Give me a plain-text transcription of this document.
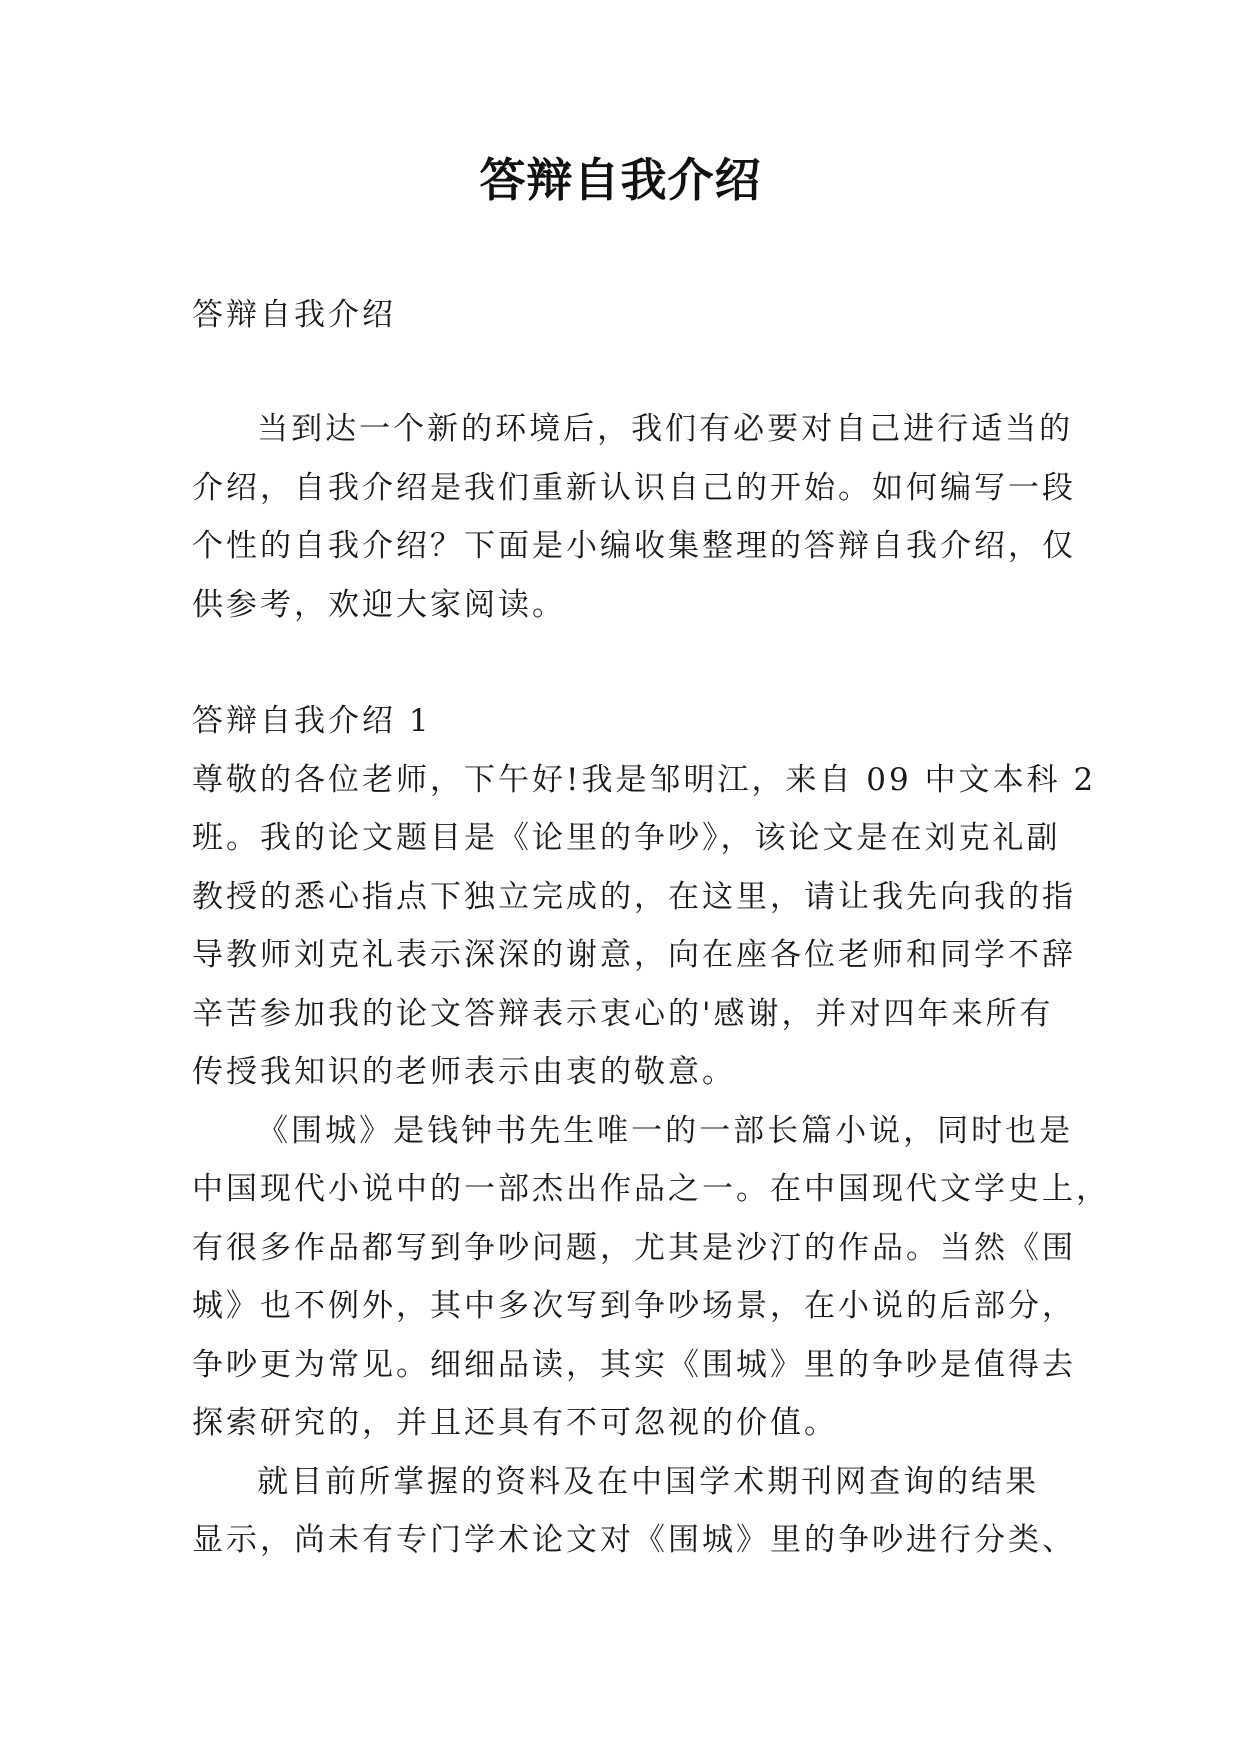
答辩自我介绍
答辩自我介绍
当到达一个新的环境后，我们有必要对自己进行适当的
介绍，自我介绍是我们重新认识自己的开始。如何编写一段
个性的自我介绍？下面是小编收集整理的答辩自我介绍，仅
供参考，欢迎大家阅读。
答辩自我介绍 1
尊敬的各位老师，下午好!我是邹明江，来自 09 中文本科 2
班。我的论文题目是《论里的争吵》，该论文是在刘克礼副
教授的悉心指点下独立完成的，在这里，请让我先向我的指
导教师刘克礼表示深深的谢意，向在座各位老师和同学不辞
辛苦参加我的论文答辩表示衷心的'感谢，并对四年来所有
传授我知识的老师表示由衷的敬意。
《围城》是钱钟书先生唯一的一部长篇小说，同时也是
中国现代小说中的一部杰出作品之一。在中国现代文学史上，
有很多作品都写到争吵问题，尤其是沙汀的作品。当然《围
城》也不例外，其中多次写到争吵场景，在小说的后部分，
争吵更为常见。细细品读，其实《围城》里的争吵是值得去
探索研究的，并且还具有不可忽视的价值。
就目前所掌握的资料及在中国学术期刊网查询的结果
显示，尚未有专门学术论文对《围城》里的争吵进行分类、
